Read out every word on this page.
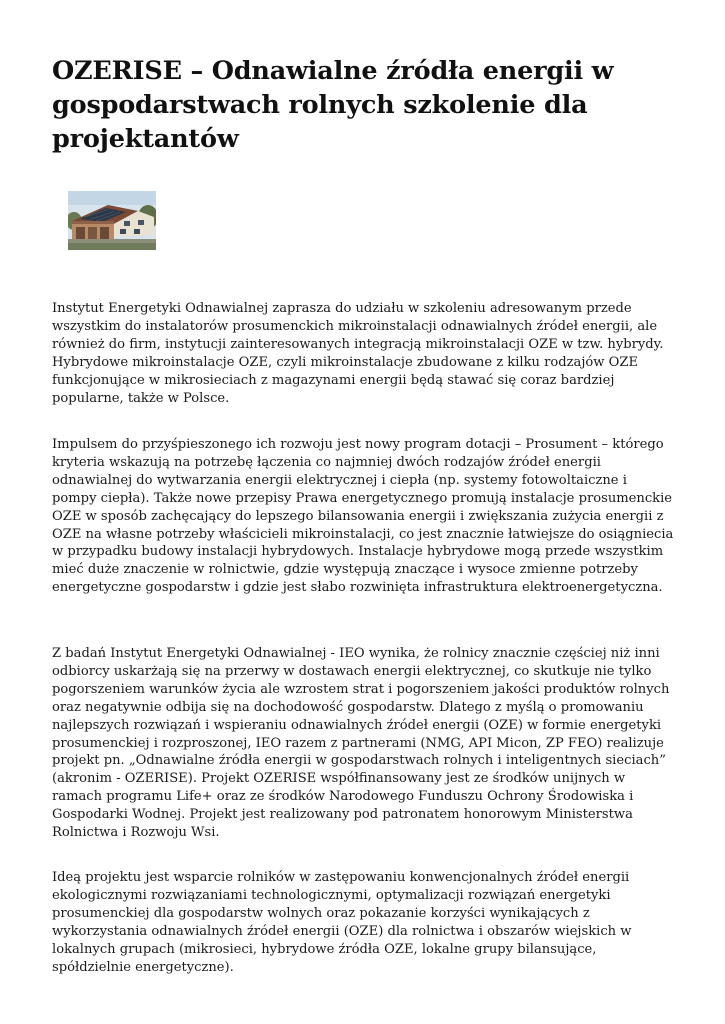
OZERISE – Odnawialne źródła energii w gospodarstwach rolnych szkolenie dla projektantów

Instytut Energetyki Odnawialnej zaprasza do udziału w szkoleniu adresowanym przede wszystkim do instalatorów prosumenckich mikroinstalacji odnawialnych źródeł energii, ale również do firm, instytucji zainteresowanych integracją mikroinstalacji OZE w tzw. hybrydy. Hybrydowe mikroinstalacje OZE, czyli mikroinstalacje zbudowane z kilku rodzajów OZE funkcjonujące w mikrosieciach z magazynami energii będą stawać się coraz bardziej popularne, także w Polsce.

Impulsem do przyśpieszonego ich rozwoju jest nowy program dotacji – Prosument – którego kryteria wskazują na potrzebę łączenia co najmniej dwóch rodzajów źródeł energii odnawialnej do wytwarzania energii elektrycznej i ciepła (np. systemy fotowoltaiczne i pompy ciepła). Także nowe przepisy Prawa energetycznego promują instalacje prosumenckie OZE w sposób zachęcający do lepszego bilansowania energii i zwiększania zużycia energii z OZE na własne potrzeby właścicieli mikroinstalacji, co jest znacznie łatwiejsze do osiągniecia w przypadku budowy instalacji hybrydowych. Instalacje hybrydowe mogą przede wszystkim mieć duże znaczenie w rolnictwie, gdzie występują znaczące i wysoce zmienne potrzeby energetyczne gospodarstw i gdzie jest słabo rozwinięta infrastruktura elektroenergetyczna.

Z badań Instytut Energetyki Odnawialnej - IEO wynika, że rolnicy znacznie częściej niż inni odbiorcy uskarżają się na przerwy w dostawach energii elektrycznej, co skutkuje nie tylko pogorszeniem warunków życia ale wzrostem strat i pogorszeniem jakości produktów rolnych oraz negatywnie odbija się na dochodowość gospodarstw. Dlatego z myślą o promowaniu najlepszych rozwiązań i wspieraniu odnawialnych źródeł energii (OZE) w formie energetyki prosumenckiej i rozproszonej, IEO razem z partnerami (NMG, API Micon, ZP FEO) realizuje projekt pn. „Odnawialne źródła energii w gospodarstwach rolnych i inteligentnych sieciach” (akronim - OZERISE). Projekt OZERISE współfinansowany jest ze środków unijnych w ramach programu Life+ oraz ze środków Narodowego Funduszu Ochrony Środowiska i Gospodarki Wodnej. Projekt jest realizowany pod patronatem honorowym Ministerstwa Rolnictwa i Rozwoju Wsi.

Ideą projektu jest wsparcie rolników w zastępowaniu konwencjonalnych źródeł energii ekologicznymi rozwiązaniami technologicznymi, optymalizacji rozwiązań energetyki prosumenckiej dla gospodarstw wolnych oraz pokazanie korzyści wynikających z wykorzystania odnawialnych źródeł energii (OZE) dla rolnictwa i obszarów wiejskich w lokalnych grupach (mikrosieci, hybrydowe źródła OZE, lokalne grupy bilansujące, spółdzielnie energetyczne).
